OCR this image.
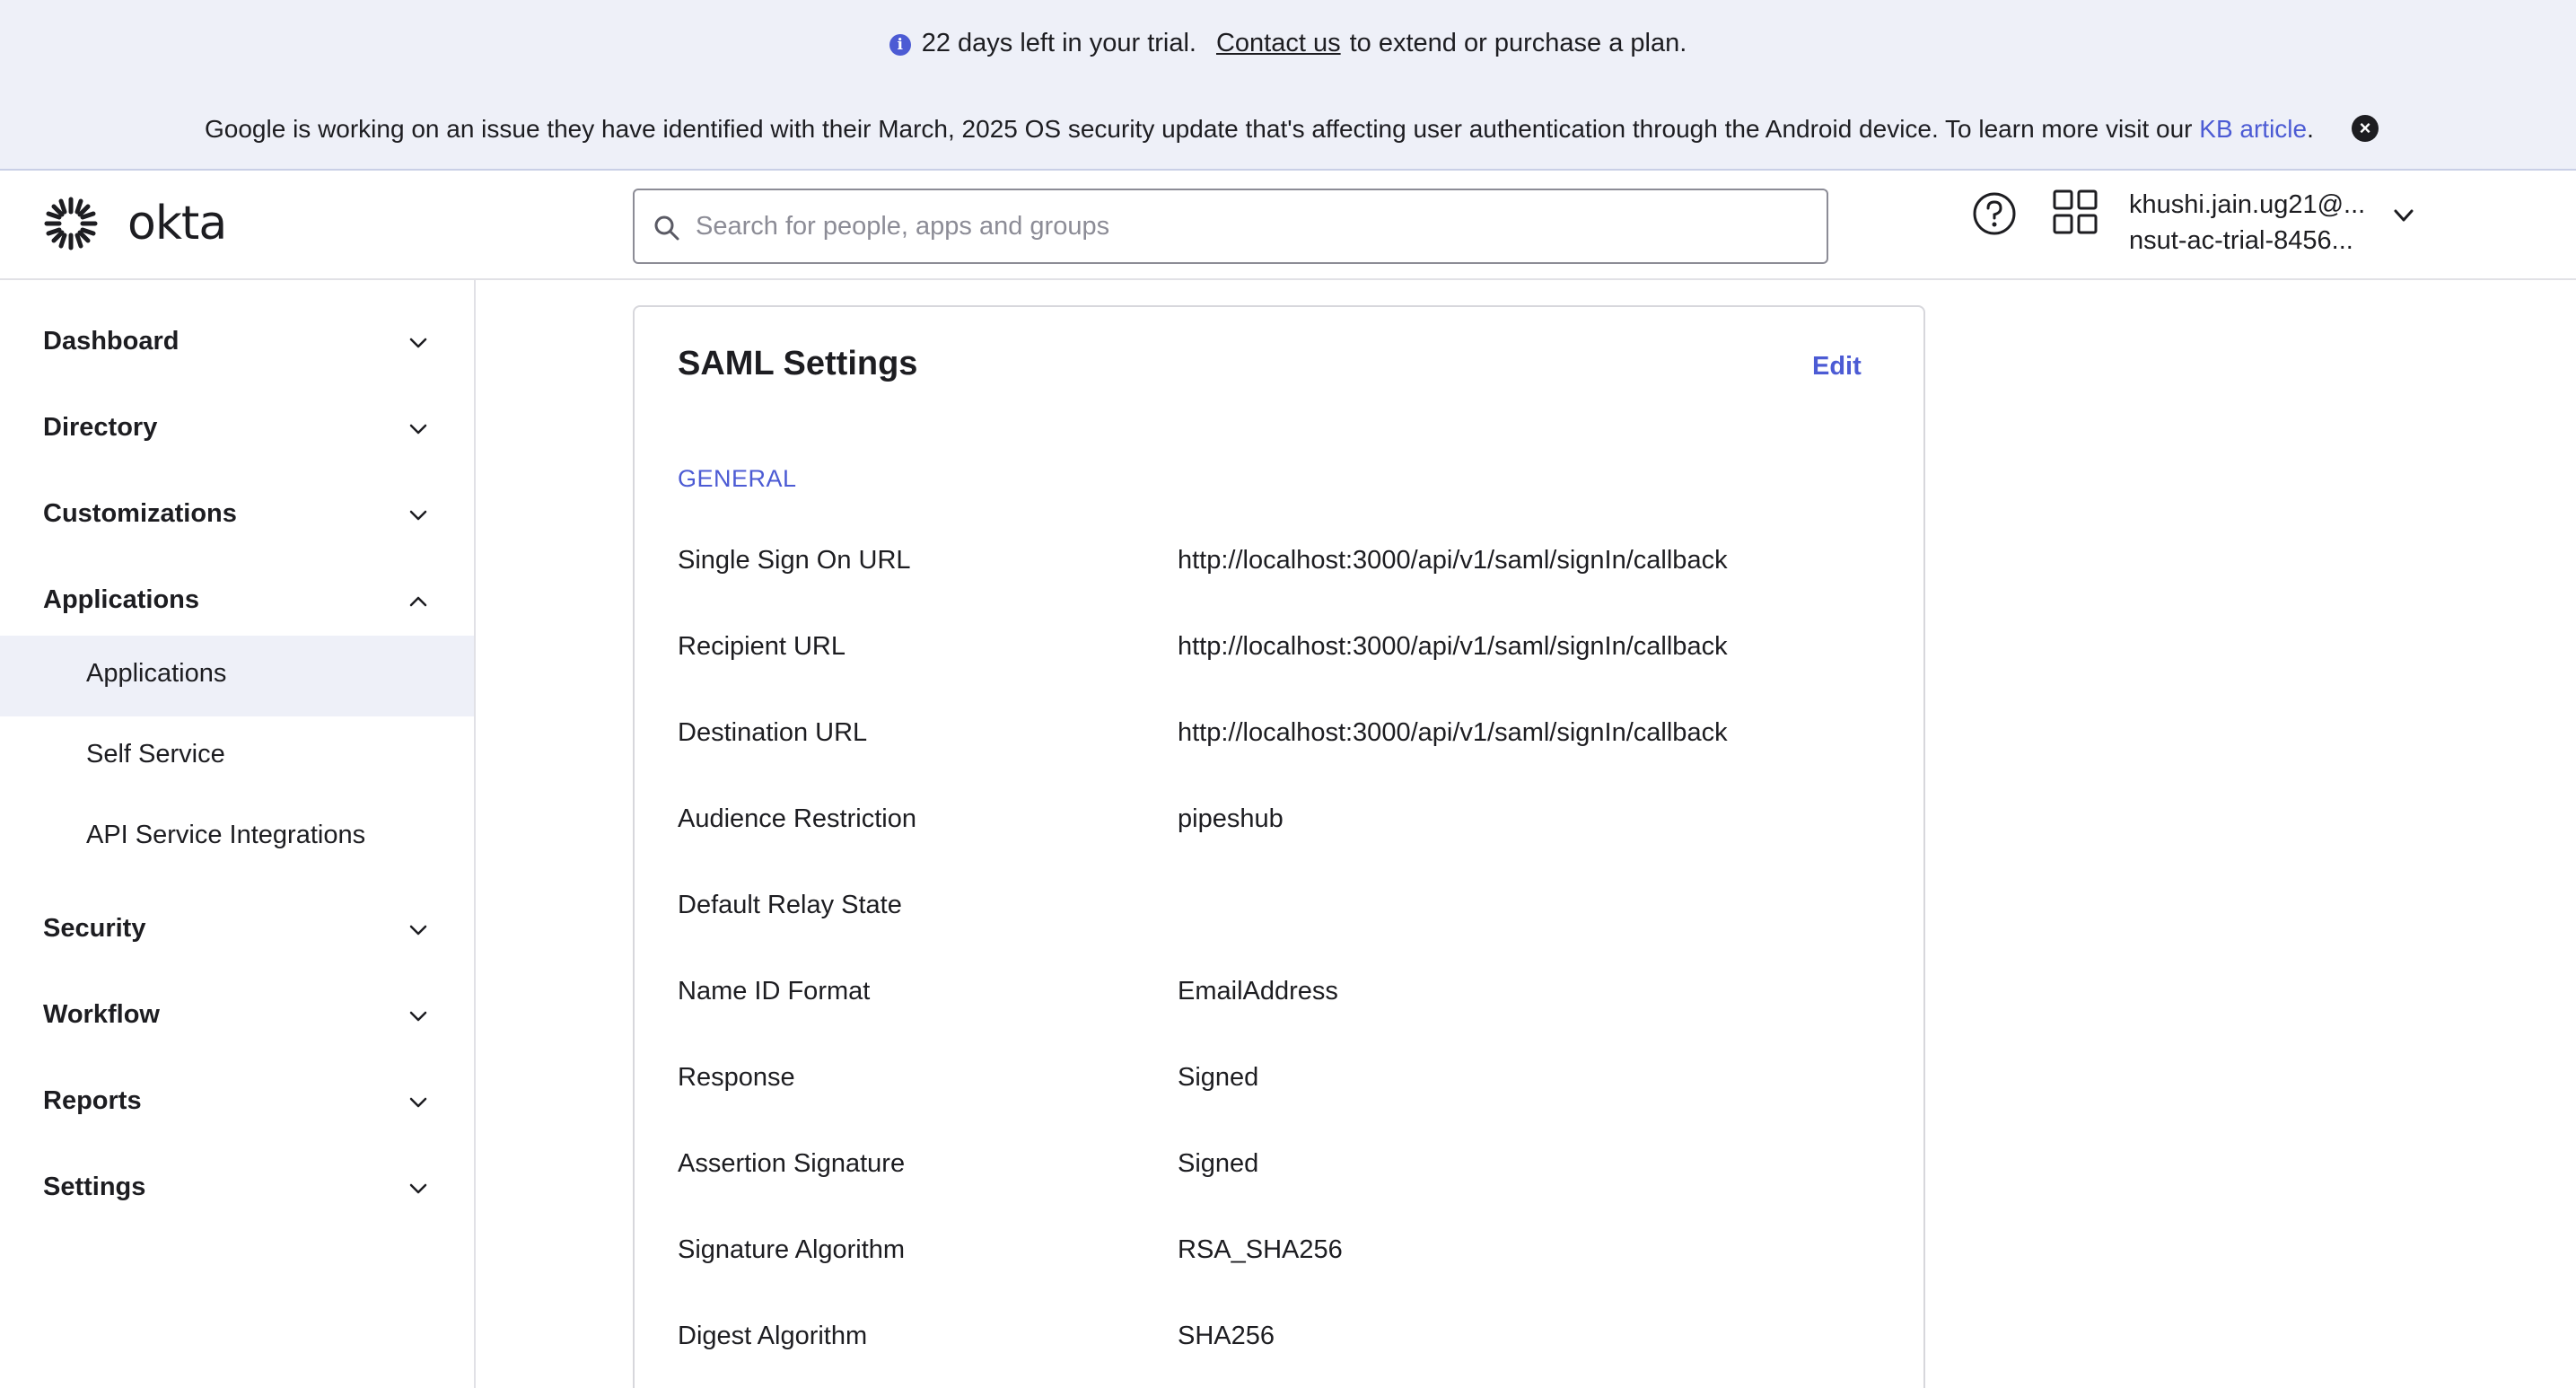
i 22 days left in your trial. Contact us to extend or purchase a plan.
Google is working on an issue they have identified with their March, 2025 OS security update that's affecting user authentication through the Android device. To learn more visit our KB article.	×
okta
Search for people, apps and groups	khushi.jain.ug21@...
nsut-ac-trial-8456...
Dashboard
Directory
Customizations
Applications
Applications
Self Service
API Service Integrations
Security
Workflow
Reports
Settings
SAML Settings	Edit
GENERAL
Single Sign On URL	http://localhost:3000/api/v1/saml/signIn/callback
Recipient URL	http://localhost:3000/api/v1/saml/signIn/callback
Destination URL	http://localhost:3000/api/v1/saml/signIn/callback
Audience Restriction	pipeshub
Default Relay State
Name ID Format	EmailAddress
Response	Signed
Assertion Signature	Signed
Signature Algorithm	RSA_SHA256
Digest Algorithm	SHA256
